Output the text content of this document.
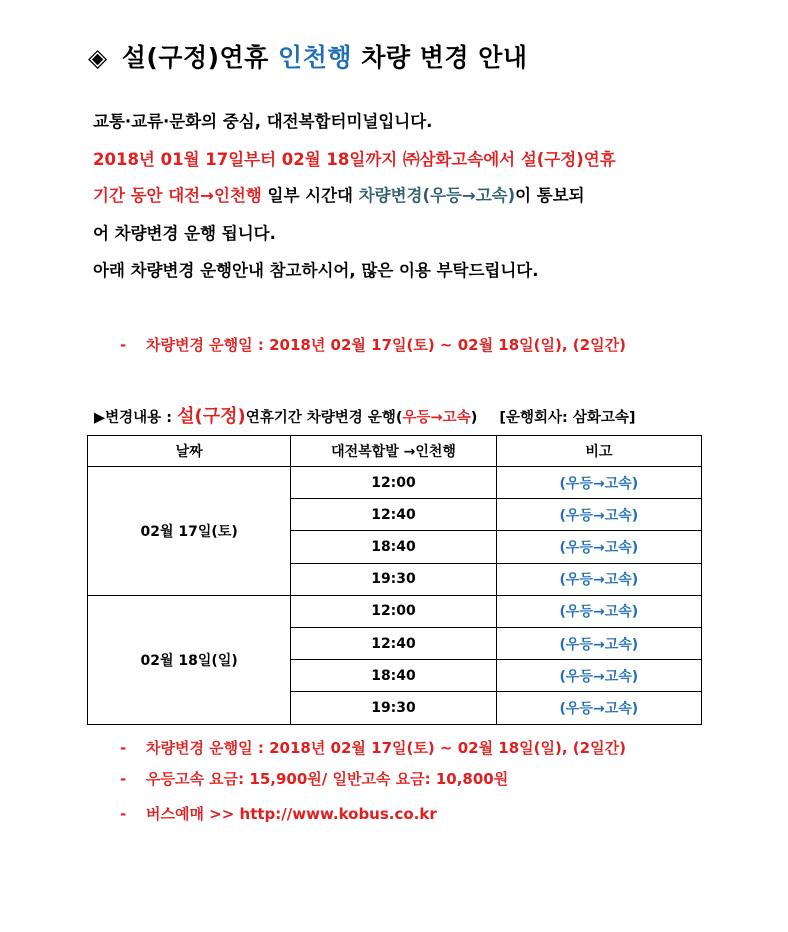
◈ 설(구정)연휴 인천행 차량 변경 안내
교통·교류·문화의 중심, 대전복합터미널입니다.
2018년 01월 17일부터 02월 18일까지 ㈜삼화고속에서 설(구정)연휴
기간 동안 대전→인천행 일부 시간대 차량변경(우등→고속)이 통보되
어 차량변경 운행 됩니다.
아래 차량변경 운행안내 참고하시어, 많은 이용 부탁드립니다.
- 차량변경 운행일 : 2018년 02월 17일(토) ~ 02월 18일(일), (2일간)
▶변경내용 : 설(구정)연휴기간 차량변경 운행(우등→고속) [운행회사: 삼화고속]
날짜	대전복합발 →인천행	비고
02월 17일(토)	12:00	(우등→고속)
	12:40	(우등→고속)
	18:40	(우등→고속)
	19:30	(우등→고속)
02월 18일(일)	12:00	(우등→고속)
	12:40	(우등→고속)
	18:40	(우등→고속)
	19:30	(우등→고속)
- 차량변경 운행일 : 2018년 02월 17일(토) ~ 02월 18일(일), (2일간)
- 우등고속 요금: 15,900원/ 일반고속 요금: 10,800원
- 버스예매 >> http://www.kobus.co.kr
